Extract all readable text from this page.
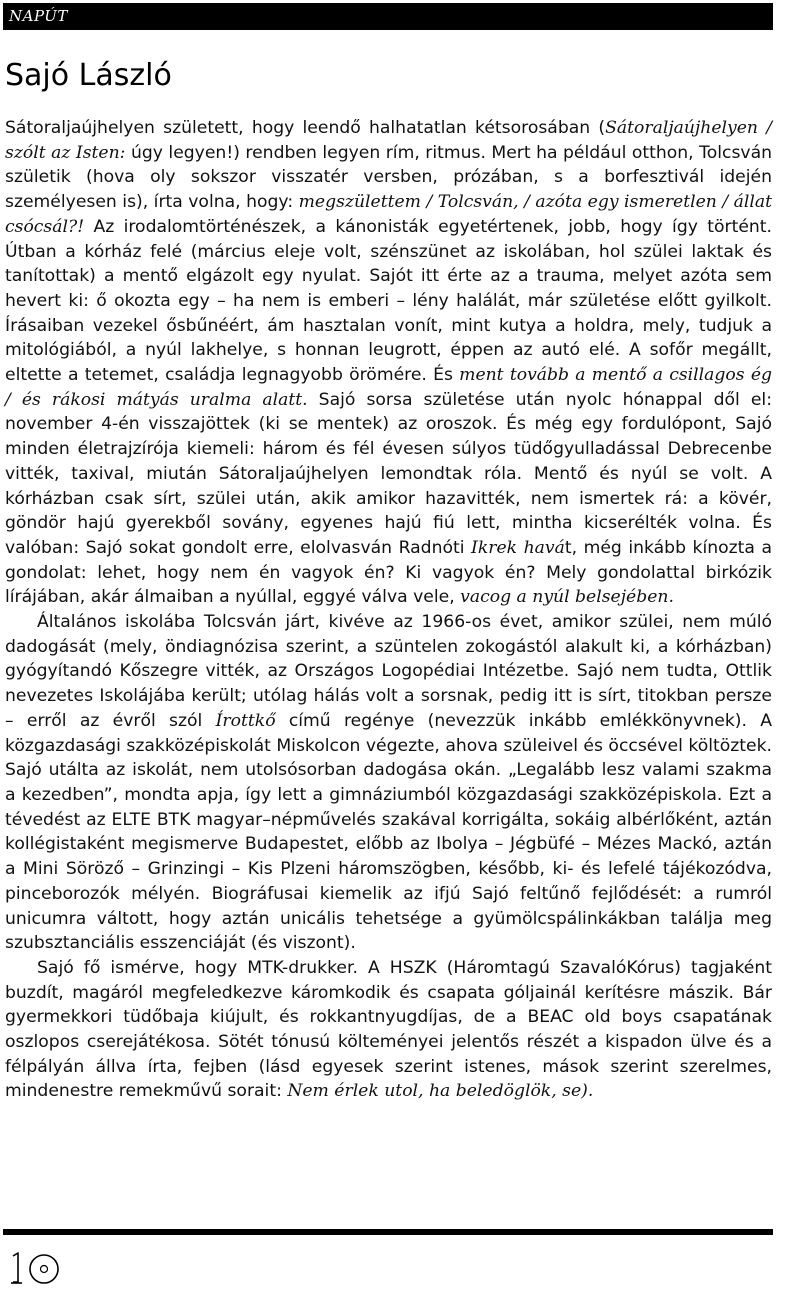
NAPÚT
Sajó László

Sátoraljaújhelyen született, hogy leendő halhatatlan kétsorosában (Sátoraljaújhelyen / szólt az Isten: úgy legyen!) rendben legyen rím, ritmus. Mert ha például otthon, Tolcsván születik (hova oly sokszor visszatér versben, prózában, s a borfesztivál idején személyesen is), írta volna, hogy: megszülettem / Tolcsván, / azóta egy ismeretlen / állat csócsál?! Az irodalomtörténészek, a kánonisták egyetértenek, jobb, hogy így történt. Útban a kórház felé (március eleje volt, szénszünet az iskolában, hol szülei laktak és tanítottak) a mentő elgázolt egy nyulat. Sajót itt érte az a trauma, melyet azóta sem hevert ki: ő okozta egy – ha nem is emberi – lény halálát, már születése előtt gyilkolt. Írásaiban vezekel ősbűnéért, ám hasztalan vonít, mint kutya a holdra, mely, tudjuk a mitológiából, a nyúl lakhelye, s honnan leugrott, éppen az autó elé. A sofőr megállt, eltette a tetemet, családja legnagyobb örömére. És ment tovább a mentő a csillagos ég / és rákosi mátyás uralma alatt. Sajó sorsa születése után nyolc hónappal dől el: november 4-én visszajöttek (ki se mentek) az oroszok. És még egy fordulópont, Sajó minden életrajzírója kiemeli: három és fél évesen súlyos tüdőgyulladással Debrecenbe vitték, taxival, miután Sátoraljaújhelyen lemondtak róla. Mentő és nyúl se volt. A kórházban csak sírt, szülei után, akik amikor hazavitték, nem ismertek rá: a kövér, göndör hajú gyerekből sovány, egyenes hajú fiú lett, mintha kicserélték volna. És valóban: Sajó sokat gondolt erre, elolvasván Radnóti Ikrek havát, még inkább kínozta a gondolat: lehet, hogy nem én vagyok én? Ki vagyok én? Mely gondolattal birkózik lírájában, akár álmaiban a nyúllal, eggyé válva vele, vacog a nyúl belsejében.

Általános iskolába Tolcsván járt, kivéve az 1966-os évet, amikor szülei, nem múló dadogását (mely, öndiagnózisa szerint, a szüntelen zokogástól alakult ki, a kórházban) gyógyítandó Kőszegre vitték, az Országos Logopédiai Intézetbe. Sajó nem tudta, Ottlik nevezetes Iskolájába került; utólag hálás volt a sorsnak, pedig itt is sírt, titokban persze – erről az évről szól Írottkő című regénye (nevezzük inkább emlékkönyvnek). A közgazdasági szakközépiskolát Miskolcon végezte, ahova szüleivel és öccsével költöztek. Sajó utálta az iskolát, nem utolsósorban dadogása okán. „Legalább lesz valami szakma a kezedben”, mondta apja, így lett a gimnáziumból közgazdasági szakközépiskola. Ezt a tévedést az ELTE BTK magyar–népművelés szakával korrigálta, sokáig albérlőként, aztán kollégistaként megismerve Budapestet, előbb az Ibolya – Jégbüfé – Mézes Mackó, aztán a Mini Söröző – Grinzingi – Kis Plzeni háromszögben, később, ki- és lefelé tájékozódva, pinceborozók mélyén. Biográfusai kiemelik az ifjú Sajó feltűnő fejlődését: a rumról unicumra váltott, hogy aztán unicális tehetsége a gyümölcspálinkákban találja meg szubsztanciális esszenciáját (és viszont).

Sajó fő ismérve, hogy MTK-drukker. A HSZK (Háromtagú SzavalóKórus) tagjaként buzdít, magáról megfeledkezve káromkodik és csapata góljainál kerítésre mászik. Bár gyermekkori tüdőbaja kiújult, és rokkantnyugdíjas, de a BEAC old boys csapatának oszlopos cserejátékosa. Sötét tónusú költeményei jelentős részét a kispadon ülve és a félpályán állva írta, fejben (lásd egyesek szerint istenes, mások szerint szerelmes, mindenestre remekművű sorait: Nem érlek utol, ha beledöglök, se).
